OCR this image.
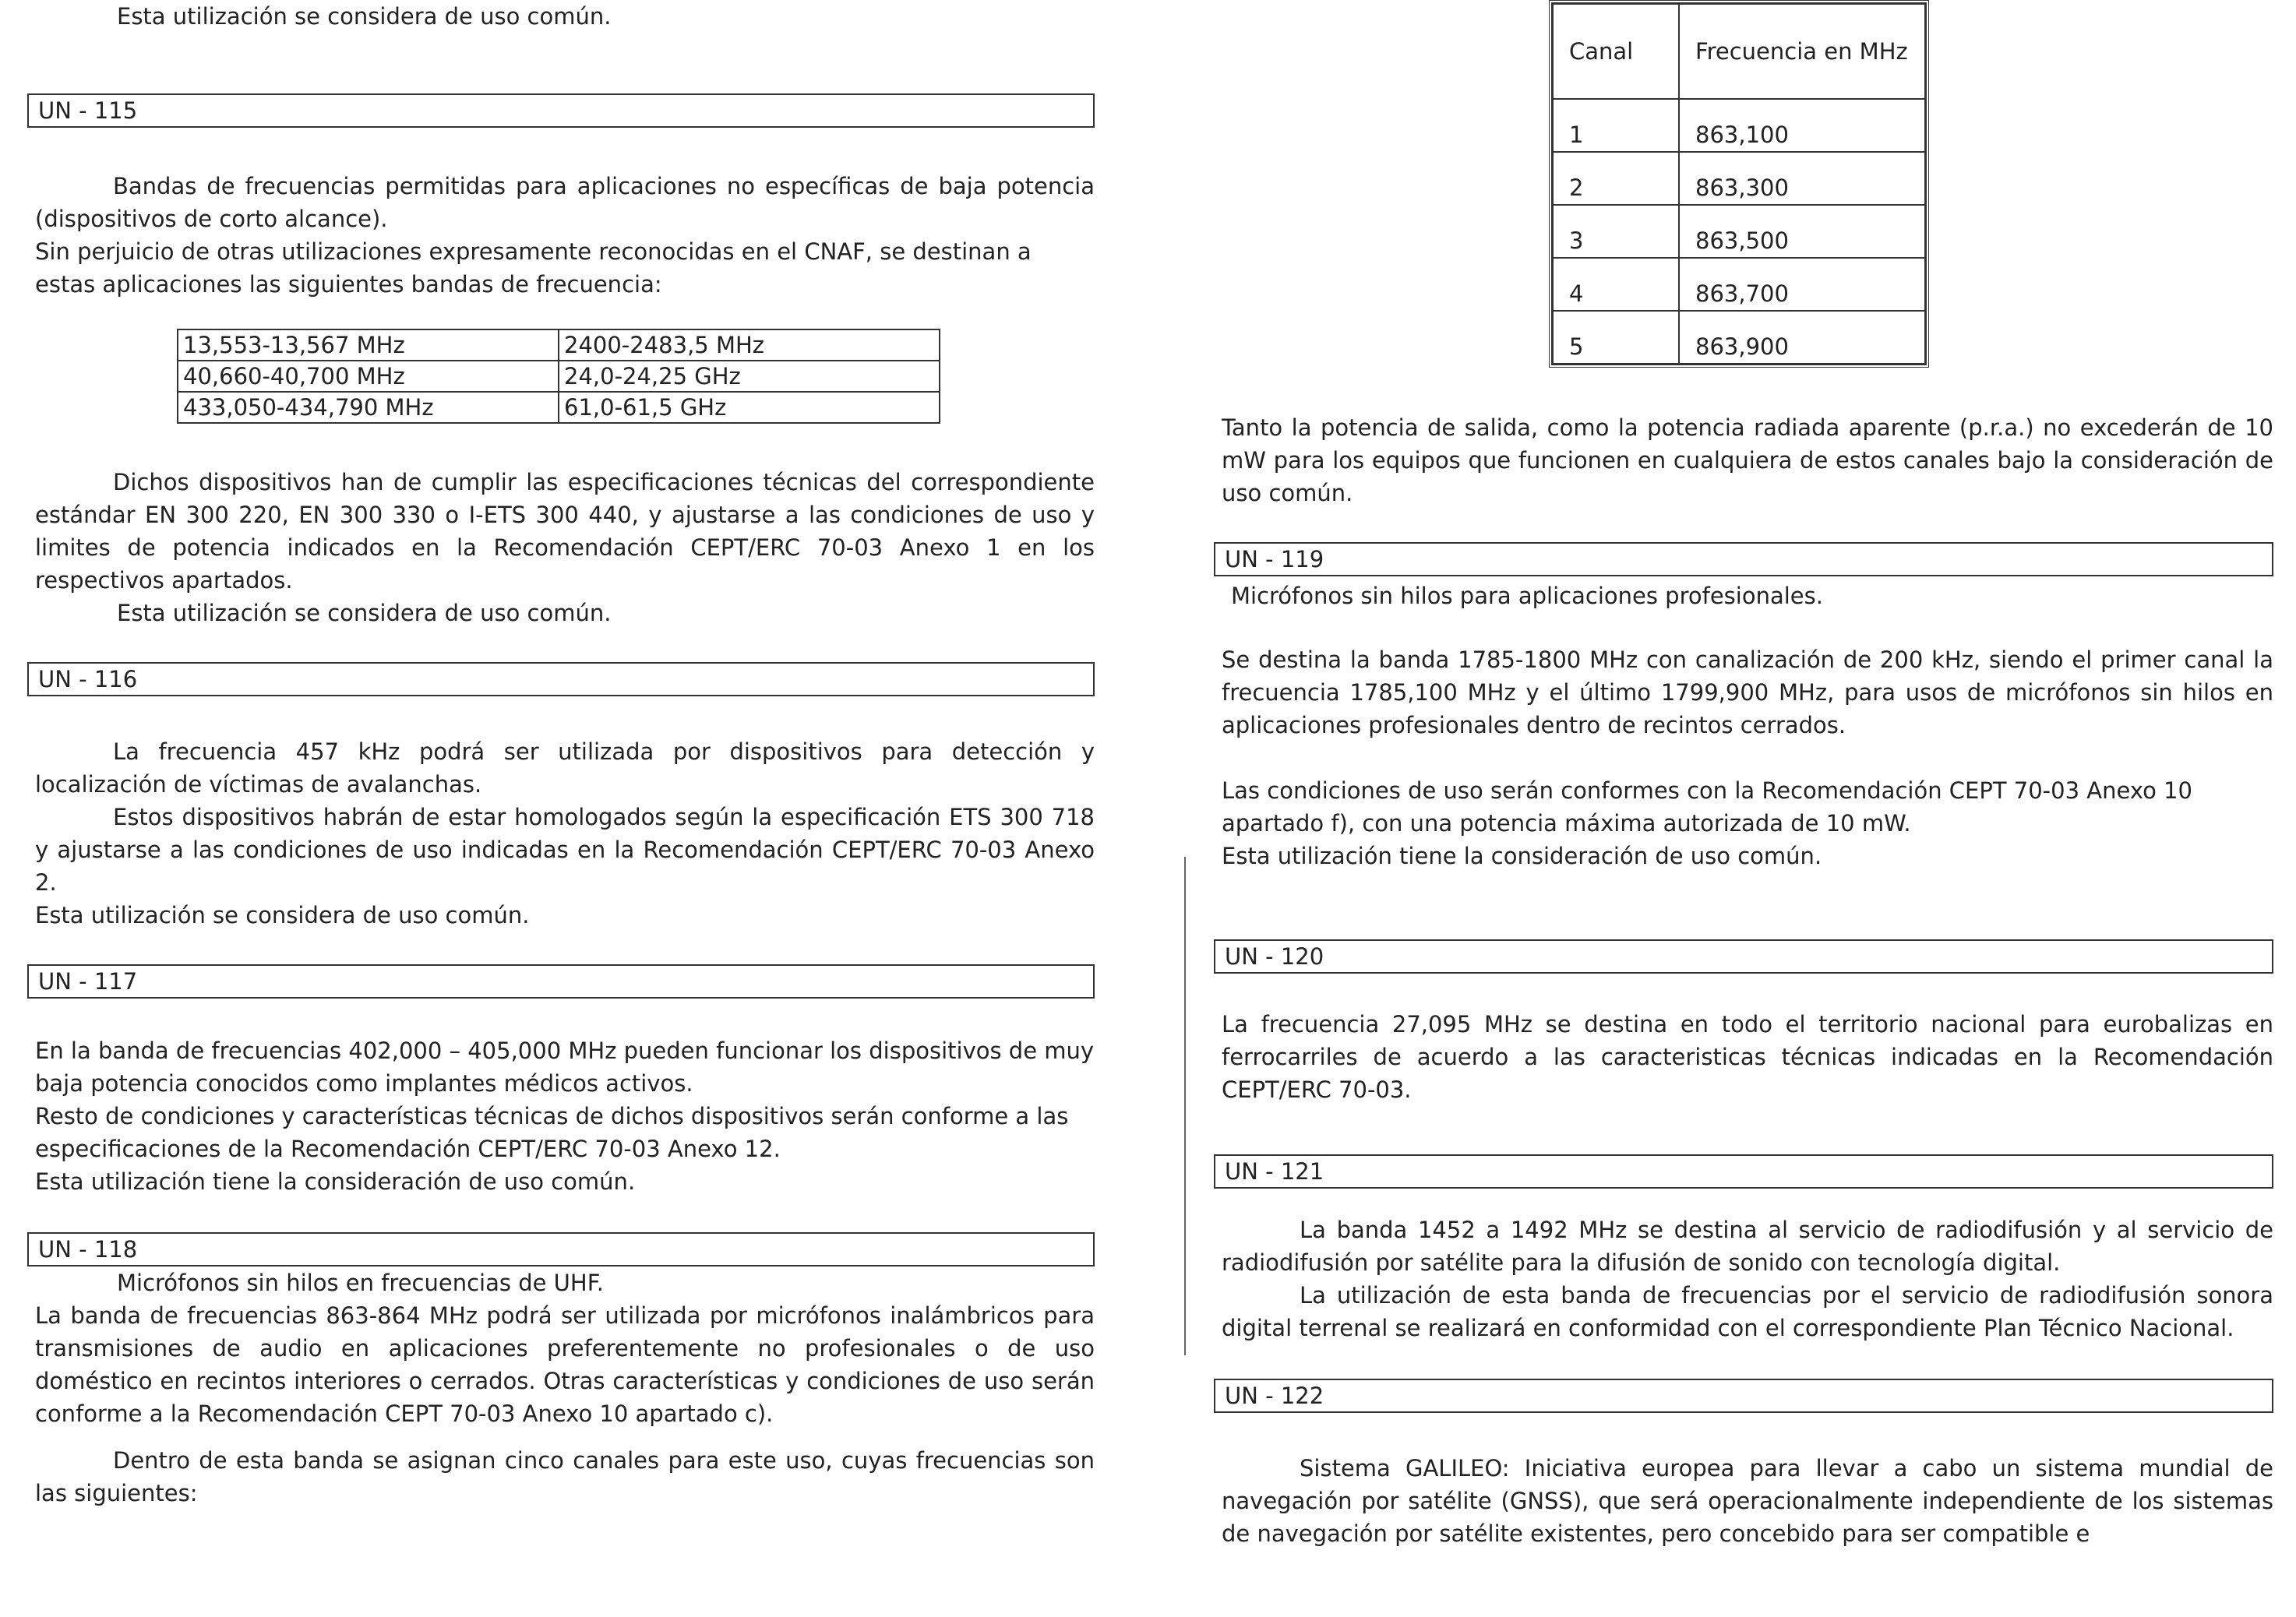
Esta utilización se considera de uso común.

UN - 115

Bandas de frecuencias permitidas para aplicaciones no específicas de baja potencia (dispositivos de corto alcance).

Sin perjuicio de otras utilizaciones expresamente reconocidas en el CNAF, se destinan a estas aplicaciones las siguientes bandas de frecuencia:

13,553-13,567 MHz	2400-2483,5 MHz
40,660-40,700 MHz	24,0-24,25 GHz
433,050-434,790 MHz	61,0-61,5 GHz

Dichos dispositivos han de cumplir las especificaciones técnicas del correspondiente estándar EN 300 220, EN 300 330 o I-ETS 300 440, y ajustarse a las condiciones de uso y limites de potencia indicados en la Recomendación CEPT/ERC 70-03 Anexo 1 en los respectivos apartados.

Esta utilización se considera de uso común.

UN - 116

La frecuencia 457 kHz podrá ser utilizada por dispositivos para detección y localización de víctimas de avalanchas.

Estos dispositivos habrán de estar homologados según la especificación ETS 300 718 y ajustarse a las condiciones de uso indicadas en la Recomendación CEPT/ERC 70-03 Anexo 2.

Esta utilización se considera de uso común.

UN - 117

En la banda de frecuencias 402,000 – 405,000 MHz pueden funcionar los dispositivos de muy baja potencia conocidos como implantes médicos activos.

Resto de condiciones y características técnicas de dichos dispositivos serán conforme a las especificaciones de la Recomendación CEPT/ERC 70-03 Anexo 12.

Esta utilización tiene la consideración de uso común.

UN - 118

Micrófonos sin hilos en frecuencias de UHF.

La banda de frecuencias 863-864 MHz podrá ser utilizada por micrófonos inalámbricos para transmisiones de audio en aplicaciones preferentemente no profesionales o de uso doméstico en recintos interiores o cerrados. Otras características y condiciones de uso serán conforme a la Recomendación CEPT 70-03 Anexo 10 apartado c).

Dentro de esta banda se asignan cinco canales para este uso, cuyas frecuencias son las siguientes:

Canal	Frecuencia en MHz
1	863,100
2	863,300
3	863,500
4	863,700
5	863,900

Tanto la potencia de salida, como la potencia radiada aparente (p.r.a.) no excederán de 10 mW para los equipos que funcionen en cualquiera de estos canales bajo la consideración de uso común.

UN - 119

Micrófonos sin hilos para aplicaciones profesionales.

Se destina la banda 1785-1800 MHz con canalización de 200 kHz, siendo el primer canal la frecuencia 1785,100 MHz y el último 1799,900 MHz, para usos de micrófonos sin hilos en aplicaciones profesionales dentro de recintos cerrados.

Las condiciones de uso serán conformes con la Recomendación CEPT 70-03 Anexo 10 apartado f), con una potencia máxima autorizada de 10 mW.

Esta utilización tiene la consideración de uso común.

UN - 120

La frecuencia 27,095 MHz se destina en todo el territorio nacional para eurobalizas en ferrocarriles de acuerdo a las caracteristicas técnicas indicadas en la Recomendación CEPT/ERC 70-03.

UN - 121

La banda 1452 a 1492 MHz se destina al servicio de radiodifusión y al servicio de radiodifusión por satélite para la difusión de sonido con tecnología digital.

La utilización de esta banda de frecuencias por el servicio de radiodifusión sonora digital terrenal se realizará en conformidad con el correspondiente Plan Técnico Nacional.

UN - 122

Sistema GALILEO: Iniciativa europea para llevar a cabo un sistema mundial de navegación por satélite (GNSS), que será operacionalmente independiente de los sistemas de navegación por satélite existentes, pero concebido para ser compatible e
